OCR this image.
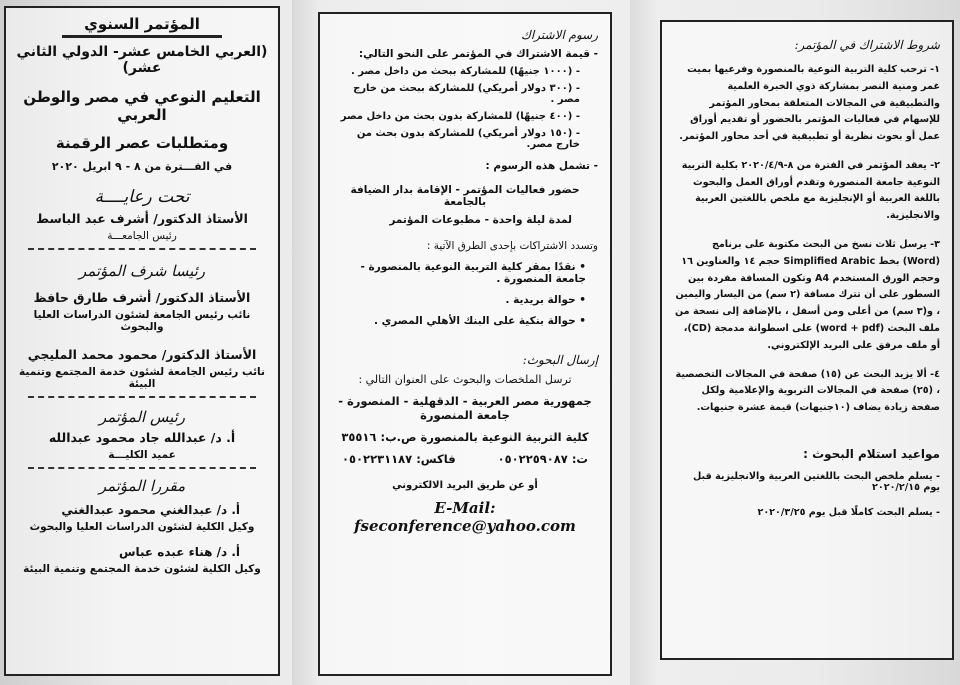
المؤتمر السنوي
(العربي الخامس عشر- الدولي الثاني عشر)
التعليم النوعي في مصر والوطن العربي
ومتطلبات عصر الرقمنة
في الفـــترة من ٨ - ٩ ابريل ٢٠٢٠
تحت رعايــــة
الأستاذ الدكتور/ أشرف عبد الباسط
رئيس الجامعـــة
رئيسا شرف المؤتمر
الأستاذ الدكتور/ أشرف طارق حافظ
نائب رئيس الجامعة لشئون الدراسات العليا والبحوث
الأستاذ الدكتور/ محمود محمد المليجي
نائب رئيس الجامعة لشئون خدمة المجتمع وتنمية البيئة
رئيس المؤتمر
أ. د/ عبدالله جاد محمود عبدالله
عميد الكليـــة
مقررا المؤتمر
أ. د/ عبدالغني محمود عبدالغني
وكيل الكلية لشئون الدراسات العليا والبحوث
أ. د/ هناء عبده عباس
وكيل الكلية لشئون خدمة المجتمع وتنمية البيئة
رسوم الاشتراك
- قيمة الاشتراك في المؤتمر على النحو التالي:
- (١٠٠٠ جنيهًا) للمشاركة ببحث من داخل مصر .
- (٣٠٠ دولار أمريكي) للمشاركة ببحث من خارج مصر .
- (٤٠٠ جنيهًا) للمشاركة بدون بحث من داخل مصر
- (١٥٠ دولار أمريكي) للمشاركة بدون بحث من خارج مصر.
- تشمل هذه الرسوم :
حضور فعاليات المؤتمر - الإقامة بدار الضيافة بالجامعة
لمدة ليلة واحدة - مطبوعات المؤتمر
وتسدد الاشتراكات بإحدى الطرق الآتية :
• نقدًا بمقر كلية التربية النوعية بالمنصورة - جامعة المنصورة .
• حوالة بريدية .
• حوالة بنكية على البنك الأهلي المصري .
إرسال البحوث:
ترسل الملخصات والبحوث على العنوان التالي :
جمهورية مصر العربية - الدقهلية - المنصورة - جامعة المنصورة
كلية التربية النوعية بالمنصورة ص.ب: ٣٥٥١٦
ت: ٠٥٠٢٢٥٩٠٨٧
فاكس: ٠٥٠٢٢٣١١٨٧
أو عن طريق البريد الالكتروني
E-Mail: fseconference@yahoo.com
شروط الاشتراك في المؤتمر:

١- ترحب كلية التربية النوعية بالمنصورة وفرعيها بميت غمر ومنية النصر بمشاركة ذوي الخبرة العلمية والتطبيقية في المجالات المتعلقة بمحاور المؤتمر للإسهام في فعاليات المؤتمر بالحضور أو تقديم أوراق عمل أو بحوث نظرية أو تطبيقية في أحد محاور المؤتمر.

٢- يعقد المؤتمر في الفترة من ٨-٢٠٢٠/٤/٩ بكلية التربية النوعية جامعة المنصورة وتقدم أوراق العمل والبحوث باللغة العربية أو الإنجليزية مع ملخص باللغتين العربية والانجليزية.

٣- يرسل ثلاث نسخ من البحث مكتوبة على برنامج (Word) بخط Simplified Arabic حجم ١٤ والعناوين ١٦ وحجم الورق المستخدم A4 وتكون المسافة مفردة بين السطور على أن تترك مسافة (٢ سم) من اليسار واليمين ، و(٣ سم) من أعلى ومن أسفل ، بالإضافة إلى نسخة من ملف البحث (word + pdf) على اسطوانة مدمجة (CD)، أو ملف مرفق على البريد الإلكتروني.

٤- ألا يزيد البحث عن (١٥) صفحة في المجالات التخصصية ، (٢٥) صفحة في المجالات التربوية والإعلامية ولكل صفحة زيادة يضاف (١٠جنيهات) قيمة عشرة جنيهات.

مواعيد استلام البحوث :
- يسلم ملخص البحث باللغتين العربية والانجليزية قبل يوم ٢٠٢٠/٢/١٥
- يسلم البحث كاملًا قبل يوم ٢٠٢٠/٣/٢٥
